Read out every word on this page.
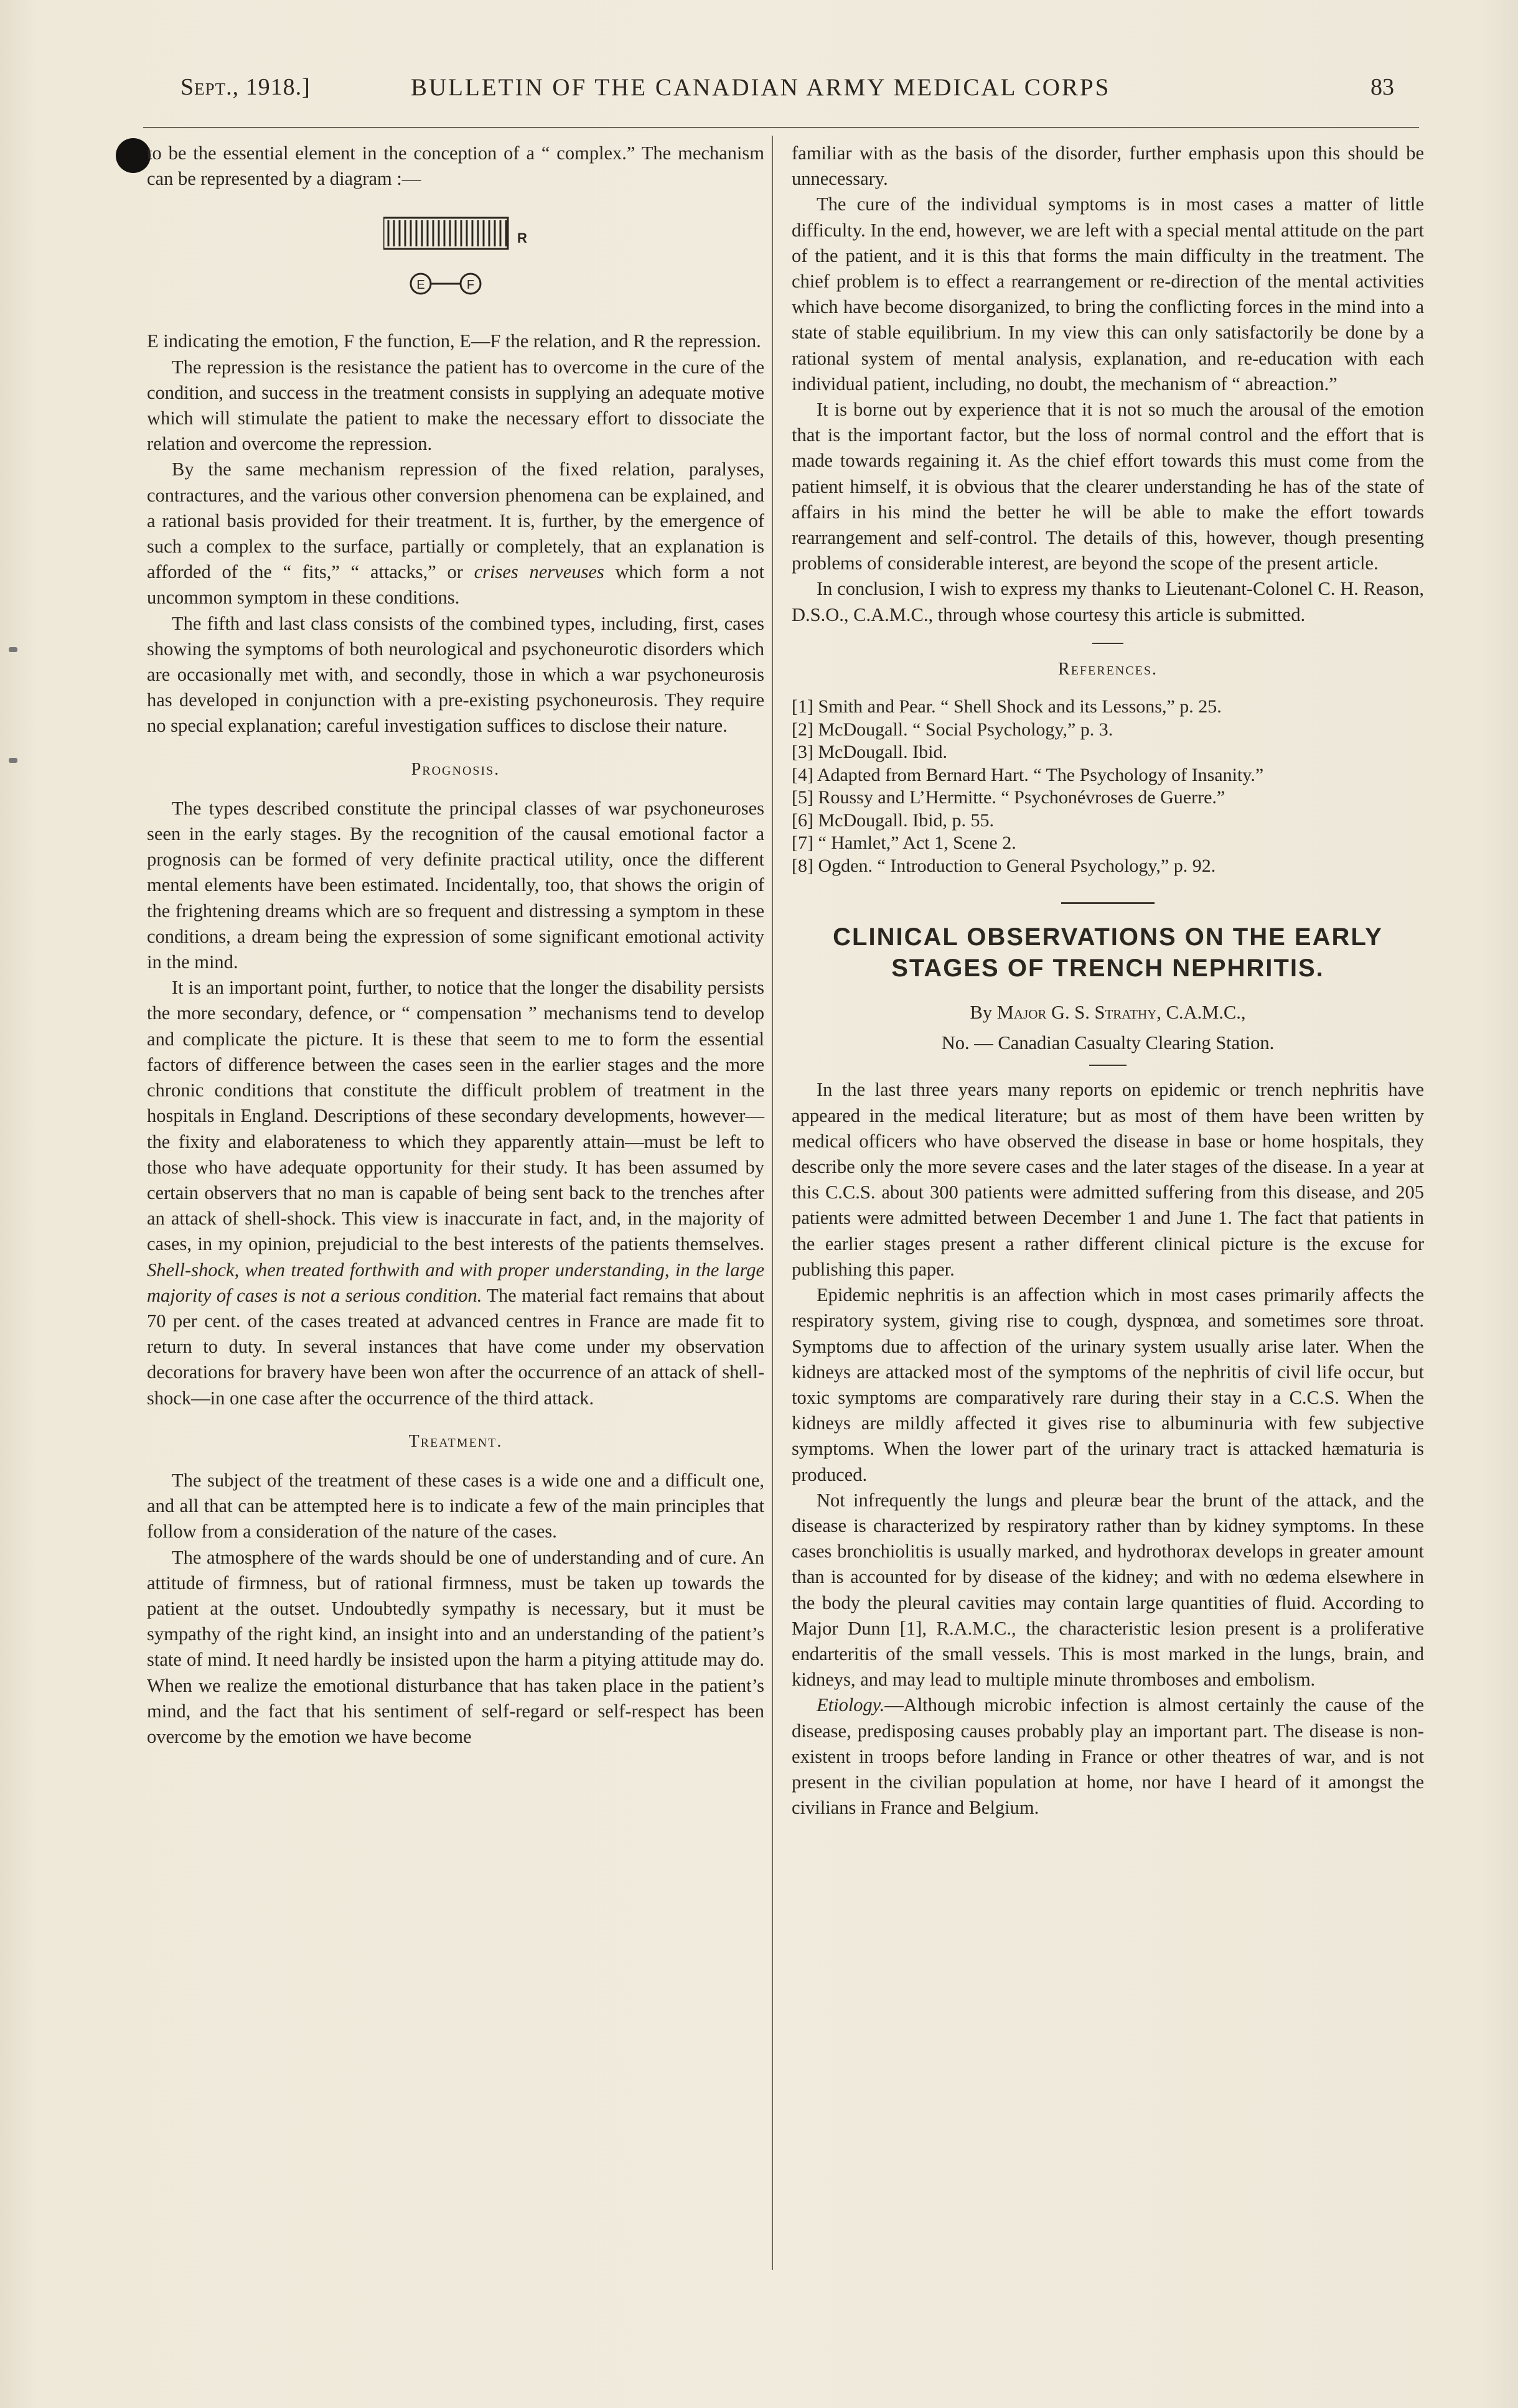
Sept., 1918.]	BULLETIN OF THE CANADIAN ARMY MEDICAL CORPS	83

to be the essential element in the conception of a “ complex.” The mechanism can be represented by a diagram :—

R
E	F

E indicating the emotion, F the function, E—F the relation, and R the repression.

The repression is the resistance the patient has to overcome in the cure of the condition, and success in the treatment consists in supplying an adequate motive which will stimulate the patient to make the necessary effort to dissociate the relation and overcome the repression.

By the same mechanism repression of the fixed relation, paralyses, contractures, and the various other conversion phenomena can be explained, and a rational basis provided for their treatment. It is, further, by the emergence of such a complex to the surface, partially or completely, that an explanation is afforded of the “ fits,” “ attacks,” or crises nerveuses which form a not uncommon symptom in these conditions.

The fifth and last class consists of the combined types, including, first, cases showing the symptoms of both neurological and psychoneurotic disorders which are occasionally met with, and secondly, those in which a war psychoneurosis has developed in conjunction with a pre-existing psychoneurosis. They require no special explanation; careful investigation suffices to disclose their nature.

Prognosis.

The types described constitute the principal classes of war psychoneuroses seen in the early stages. By the recognition of the causal emotional factor a prognosis can be formed of very definite practical utility, once the different mental elements have been estimated. Incidentally, too, that shows the origin of the frightening dreams which are so frequent and distressing a symptom in these conditions, a dream being the expression of some significant emotional activity in the mind.

It is an important point, further, to notice that the longer the disability persists the more secondary, defence, or “ compensation ” mechanisms tend to develop and complicate the picture. It is these that seem to me to form the essential factors of difference between the cases seen in the earlier stages and the more chronic conditions that constitute the difficult problem of treatment in the hospitals in England. Descriptions of these secondary developments, however—the fixity and elaborateness to which they apparently attain—must be left to those who have adequate opportunity for their study. It has been assumed by certain observers that no man is capable of being sent back to the trenches after an attack of shell-shock. This view is inaccurate in fact, and, in the majority of cases, in my opinion, prejudicial to the best interests of the patients themselves. Shell-shock, when treated forthwith and with proper understanding, in the large majority of cases is not a serious condition. The material fact remains that about 70 per cent. of the cases treated at advanced centres in France are made fit to return to duty. In several instances that have come under my observation decorations for bravery have been won after the occurrence of an attack of shell-shock—in one case after the occurrence of the third attack.

Treatment.

The subject of the treatment of these cases is a wide one and a difficult one, and all that can be attempted here is to indicate a few of the main principles that follow from a consideration of the nature of the cases.

The atmosphere of the wards should be one of understanding and of cure. An attitude of firmness, but of rational firmness, must be taken up towards the patient at the outset. Undoubtedly sympathy is necessary, but it must be sympathy of the right kind, an insight into and an understanding of the patient’s state of mind. It need hardly be insisted upon the harm a pitying attitude may do. When we realize the emotional disturbance that has taken place in the patient’s mind, and the fact that his sentiment of self-regard or self-respect has been overcome by the emotion we have become

familiar with as the basis of the disorder, further emphasis upon this should be unnecessary.

The cure of the individual symptoms is in most cases a matter of little difficulty. In the end, however, we are left with a special mental attitude on the part of the patient, and it is this that forms the main difficulty in the treatment. The chief problem is to effect a rearrangement or re-direction of the mental activities which have become disorganized, to bring the conflicting forces in the mind into a state of stable equilibrium. In my view this can only satisfactorily be done by a rational system of mental analysis, explanation, and re-education with each individual patient, including, no doubt, the mechanism of “ abreaction.”

It is borne out by experience that it is not so much the arousal of the emotion that is the important factor, but the loss of normal control and the effort that is made towards regaining it. As the chief effort towards this must come from the patient himself, it is obvious that the clearer understanding he has of the state of affairs in his mind the better he will be able to make the effort towards rearrangement and self-control. The details of this, however, though presenting problems of considerable interest, are beyond the scope of the present article.

In conclusion, I wish to express my thanks to Lieutenant-Colonel C. H. Reason, D.S.O., C.A.M.C., through whose courtesy this article is submitted.

References.
[1] Smith and Pear. “ Shell Shock and its Lessons,” p. 25.
[2] McDougall. “ Social Psychology,” p. 3.
[3] McDougall. Ibid.
[4] Adapted from Bernard Hart. “ The Psychology of Insanity.”
[5] Roussy and L’Hermitte. “ Psychonévroses de Guerre.”
[6] McDougall. Ibid, p. 55.
[7] “ Hamlet,” Act 1, Scene 2.
[8] Ogden. “ Introduction to General Psychology,” p. 92.
CLINICAL OBSERVATIONS ON THE EARLY
STAGES OF TRENCH NEPHRITIS.
By Major G. S. Strathy, C.A.M.C.,
No. — Canadian Casualty Clearing Station.

In the last three years many reports on epidemic or trench nephritis have appeared in the medical literature; but as most of them have been written by medical officers who have observed the disease in base or home hospitals, they describe only the more severe cases and the later stages of the disease. In a year at this C.C.S. about 300 patients were admitted suffering from this disease, and 205 patients were admitted between December 1 and June 1. The fact that patients in the earlier stages present a rather different clinical picture is the excuse for publishing this paper.

Epidemic nephritis is an affection which in most cases primarily affects the respiratory system, giving rise to cough, dyspnœa, and sometimes sore throat. Symptoms due to affection of the urinary system usually arise later. When the kidneys are attacked most of the symptoms of the nephritis of civil life occur, but toxic symptoms are comparatively rare during their stay in a C.C.S. When the kidneys are mildly affected it gives rise to albuminuria with few subjective symptoms. When the lower part of the urinary tract is attacked hæmaturia is produced.

Not infrequently the lungs and pleuræ bear the brunt of the attack, and the disease is characterized by respiratory rather than by kidney symptoms. In these cases bronchiolitis is usually marked, and hydrothorax develops in greater amount than is accounted for by disease of the kidney; and with no œdema elsewhere in the body the pleural cavities may contain large quantities of fluid. According to Major Dunn [1], R.A.M.C., the characteristic lesion present is a proliferative endarteritis of the small vessels. This is most marked in the lungs, brain, and kidneys, and may lead to multiple minute thromboses and embolism.

Etiology.—Although microbic infection is almost certainly the cause of the disease, predisposing causes probably play an important part. The disease is non-existent in troops before landing in France or other theatres of war, and is not present in the civilian population at home, nor have I heard of it amongst the civilians in France and Belgium.
